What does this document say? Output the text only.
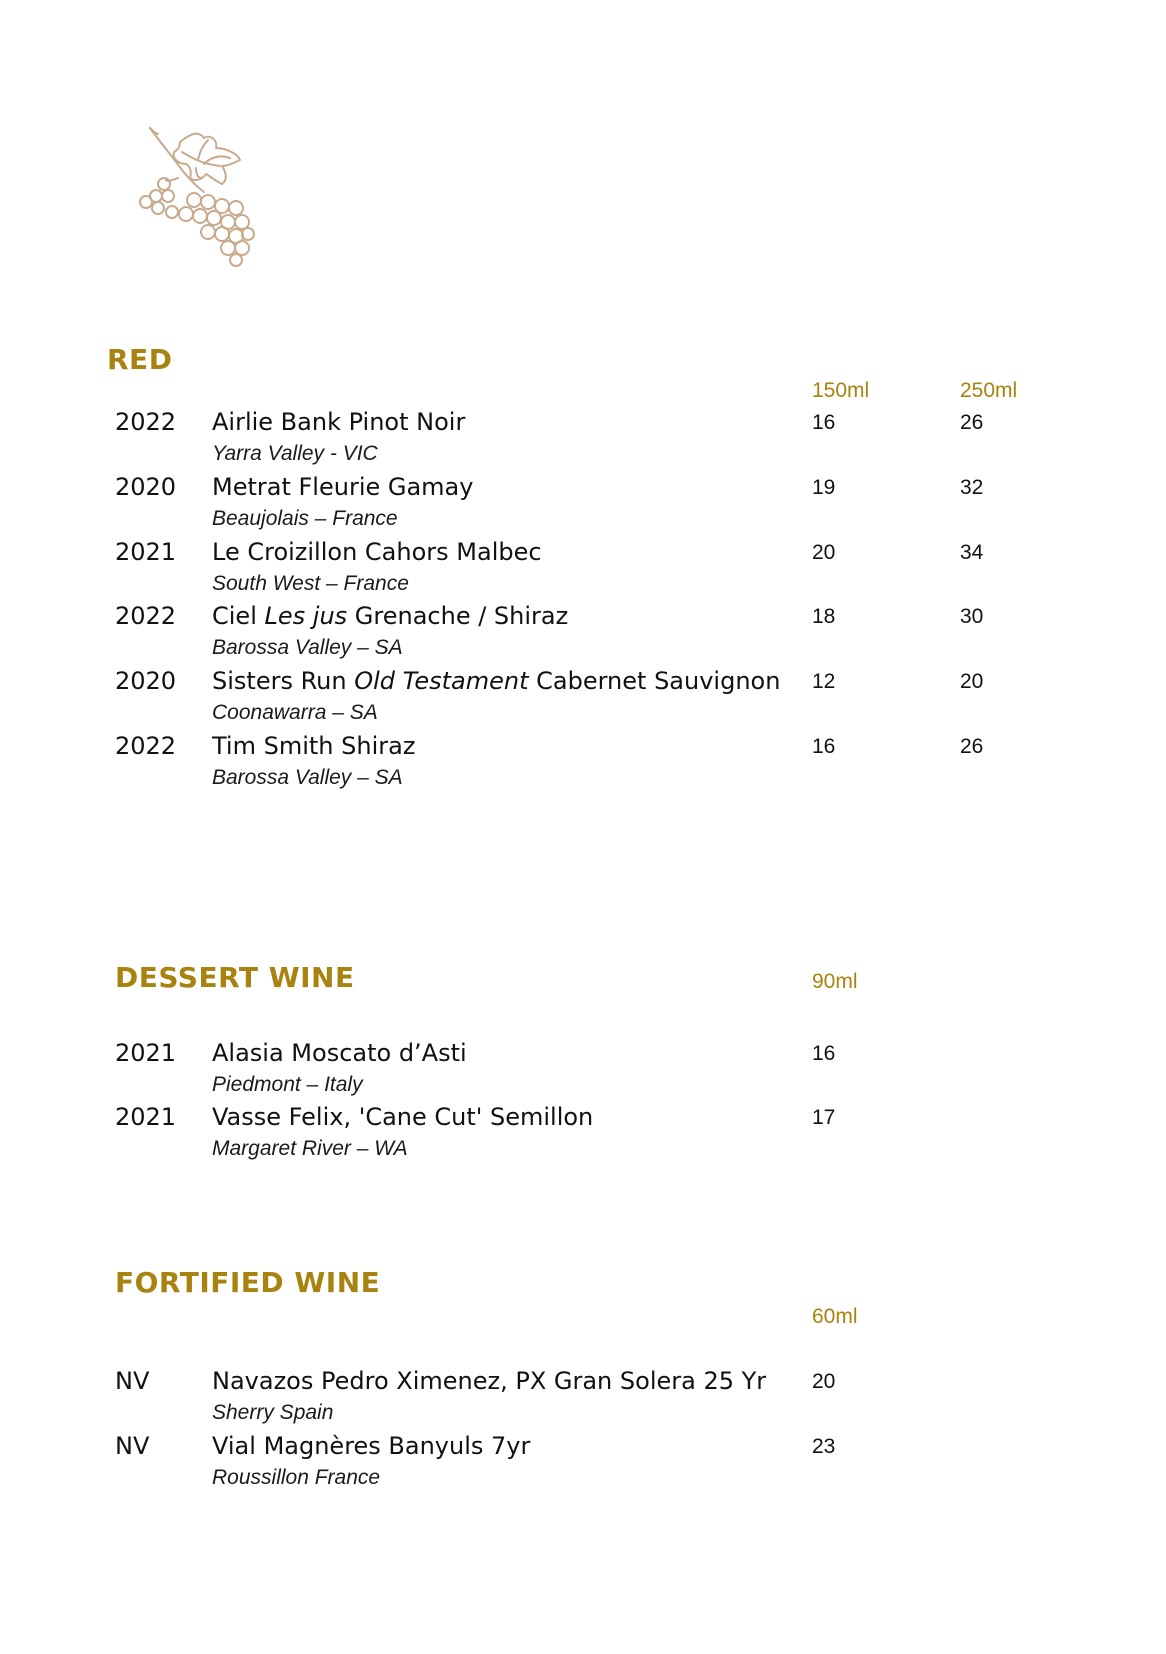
RED
150ml	250ml
2022 Airlie Bank Pinot Noir
Yarra Valley - VIC
16	26
2020 Metrat Fleurie Gamay
Beaujolais – France
19	32
2021 Le Croizillon Cahors Malbec
South West – France
20	34
2022 Ciel Les jus Grenache / Shiraz
Barossa Valley – SA
18	30
2020 Sisters Run Old Testament Cabernet Sauvignon
Coonawarra – SA
12	20
2022 Tim Smith Shiraz
Barossa Valley – SA
16	26
DESSERT WINE	90ml
2021 Alasia Moscato d’Asti
Piedmont – Italy
16
2021 Vasse Felix, 'Cane Cut' Semillon
Margaret River – WA
17
FORTIFIED WINE
60ml
NV	Navazos Pedro Ximenez, PX Gran Solera 25 Yr
Sherry Spain
20
NV	Vial Magnères Banyuls 7yr
Roussillon France
23
